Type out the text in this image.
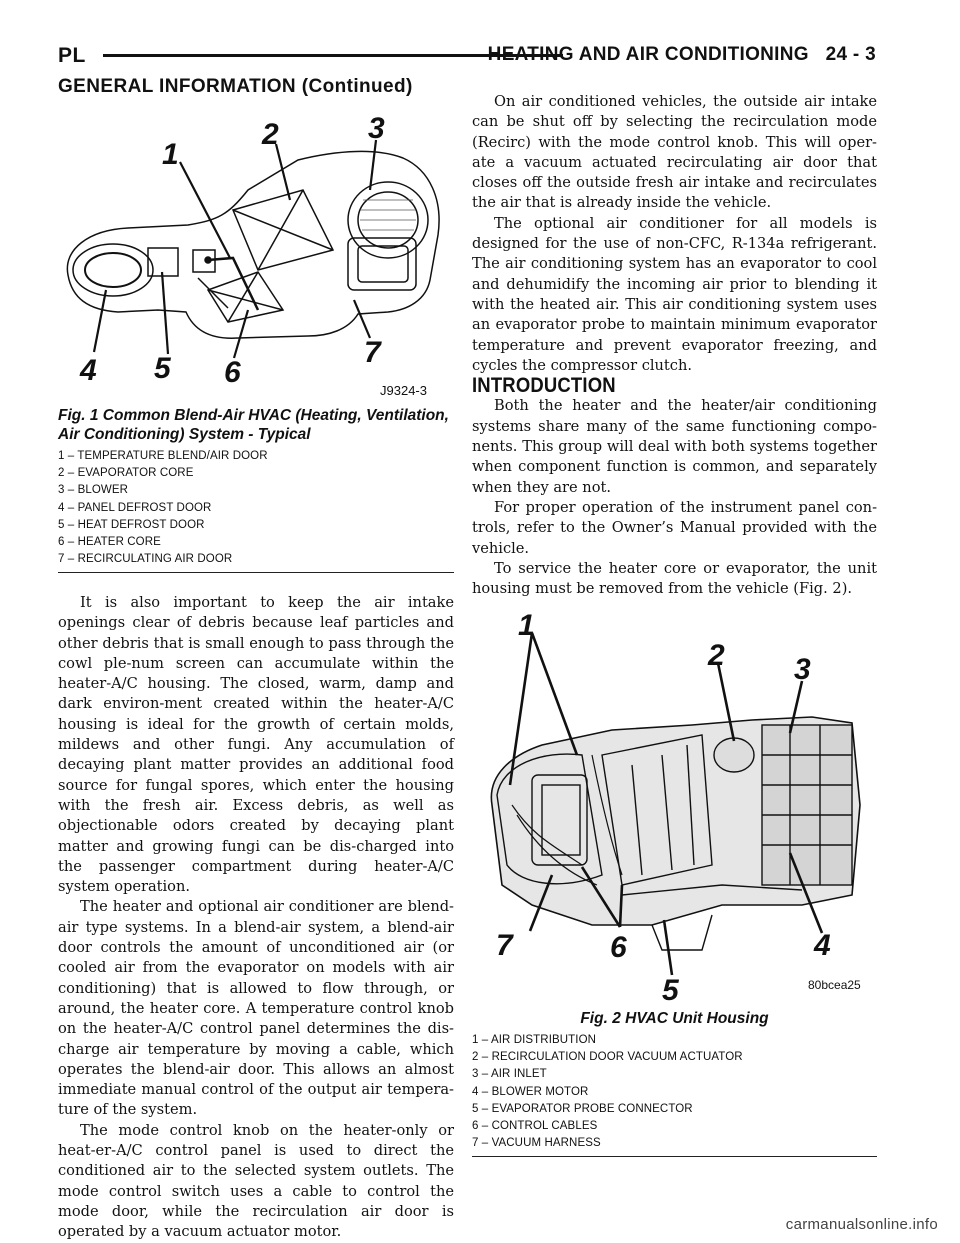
PL	HEATING AND AIR CONDITIONING 24 - 3
GENERAL INFORMATION (Continued)
1
2	3
4 5 6
7
J9324-3
Fig. 1 Common Blend-Air HVAC (Heating, Ventilation, Air Conditioning) System - Typical
1 – TEMPERATURE BLEND/AIR DOOR
2 – EVAPORATOR CORE
3 – BLOWER
4 – PANEL DEFROST DOOR
5 – HEAT DEFROST DOOR
6 – HEATER CORE
7 – RECIRCULATING AIR DOOR

It is also important to keep the air intake openings clear of debris because leaf particles and other debris that is small enough to pass through the cowl ple-num screen can accumulate within the heater-A/C housing. The closed, warm, damp and dark environ-ment created within the heater-A/C housing is ideal for the growth of certain molds, mildews and other fungi. Any accumulation of decaying plant matter provides an additional food source for fungal spores, which enter the housing with the fresh air. Excess debris, as well as objectionable odors created by decaying plant matter and growing fungi can be dis-charged into the passenger compartment during heater-A/C system operation.

The heater and optional air conditioner are blend-air type systems. In a blend-air system, a blend-air door controls the amount of unconditioned air (or cooled air from the evaporator on models with air conditioning) that is allowed to flow through, or around, the heater core. A temperature control knob on the heater-A/C control panel determines the dis-charge air temperature by moving a cable, which operates the blend-air door. This allows an almost immediate manual control of the output air tempera-ture of the system.

The mode control knob on the heater-only or heat-er-A/C control panel is used to direct the conditioned air to the selected system outlets. The mode control switch uses a cable to control the mode door, while the recirculation air door is operated by a vacuum actuator motor.

On air conditioned vehicles, the outside air intake can be shut off by selecting the recirculation mode (Recirc) with the mode control knob. This will oper-ate a vacuum actuated recirculating air door that closes off the outside fresh air intake and recirculates the air that is already inside the vehicle.

The optional air conditioner for all models is designed for the use of non-CFC, R-134a refrigerant. The air conditioning system has an evaporator to cool and dehumidify the incoming air prior to blending it with the heated air. This air conditioning system uses an evaporator probe to maintain minimum evaporator temperature and prevent evaporator freezing, and cycles the compressor clutch.

INTRODUCTION

Both the heater and the heater/air conditioning systems share many of the same functioning compo-nents. This group will deal with both systems together when component function is common, and separately when they are not.

For proper operation of the instrument panel con-trols, refer to the Owner’s Manual provided with the vehicle.

To service the heater core or evaporator, the unit housing must be removed from the vehicle (Fig. 2).

1
2 3
4
5
6
7
80bcea25
Fig. 2 HVAC Unit Housing
1 – AIR DISTRIBUTION
2 – RECIRCULATION DOOR VACUUM ACTUATOR
3 – AIR INLET
4 – BLOWER MOTOR
5 – EVAPORATOR PROBE CONNECTOR
6 – CONTROL CABLES
7 – VACUUM HARNESS
carmanualsonline.info
